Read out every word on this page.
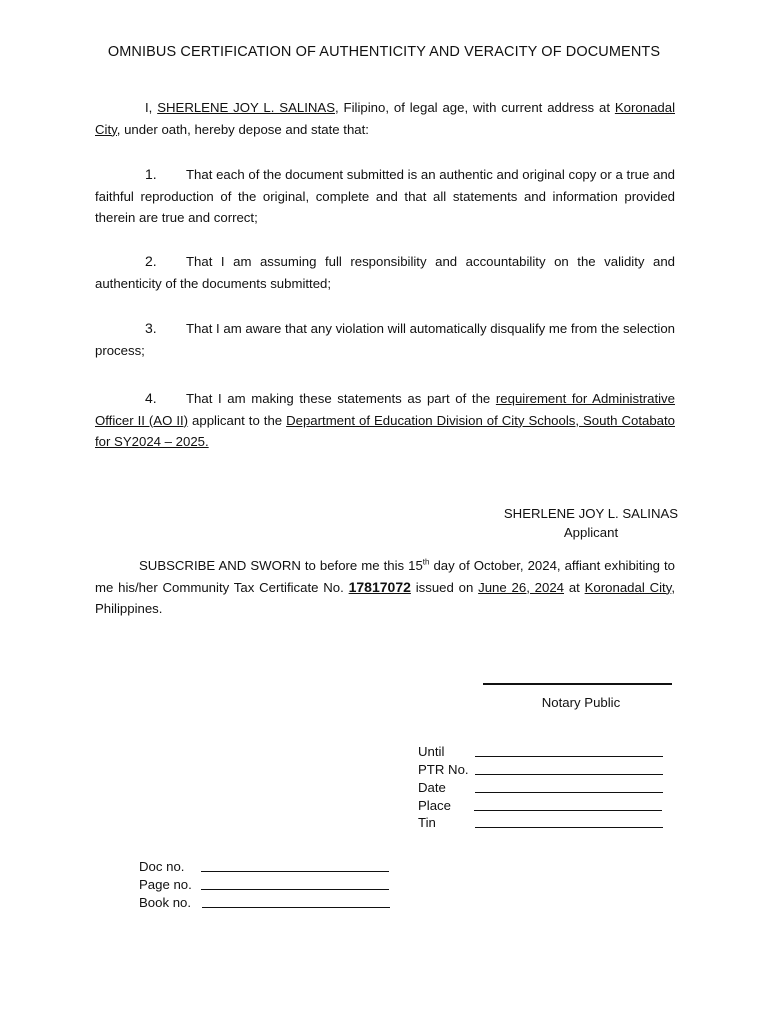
OMNIBUS CERTIFICATION OF AUTHENTICITY AND VERACITY OF DOCUMENTS
I, SHERLENE JOY L. SALINAS, Filipino, of legal age, with current address at Koronadal City, under oath, hereby depose and state that:
1. That each of the document submitted is an authentic and original copy or a true and faithful reproduction of the original, complete and that all statements and information provided therein are true and correct;
2. That I am assuming full responsibility and accountability on the validity and authenticity of the documents submitted;
3. That I am aware that any violation will automatically disqualify me from the selection process;
4. That I am making these statements as part of the requirement for Administrative Officer II (AO II) applicant to the Department of Education Division of City Schools, South Cotabato for SY2024 – 2025.
SHERLENE JOY L. SALINAS
Applicant
SUBSCRIBE AND SWORN to before me this 15th day of October, 2024, affiant exhibiting to me his/her Community Tax Certificate No. 17817072 issued on June 26, 2024 at Koronadal City, Philippines.
Notary Public
Until
PTR No.
Date
Place
Tin
Doc no.
Page no.
Book no.
